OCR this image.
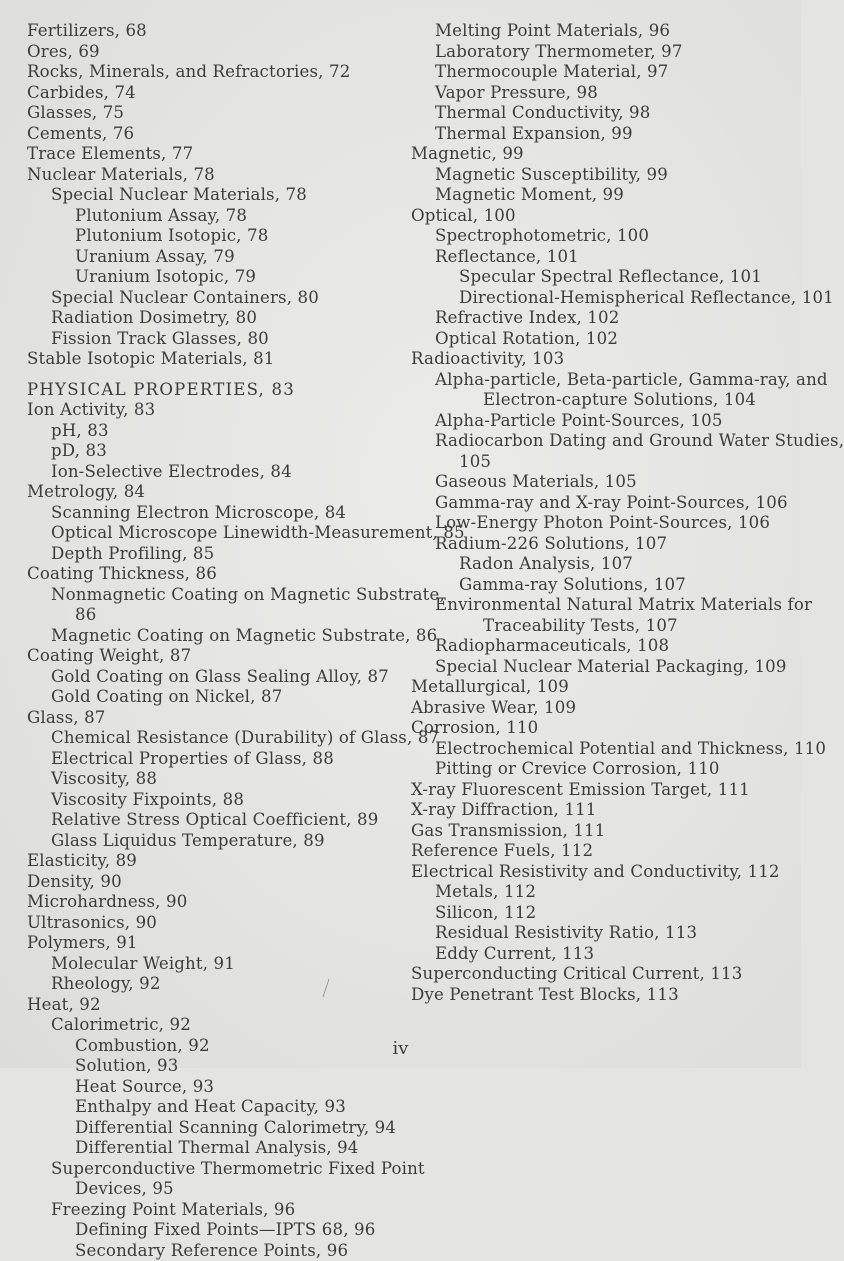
Fertilizers, 68
Ores, 69
Rocks, Minerals, and Refractories, 72
Carbides, 74
Glasses, 75
Cements, 76
Trace Elements, 77
Nuclear Materials, 78
Special Nuclear Materials, 78
Plutonium Assay, 78
Plutonium Isotopic, 78
Uranium Assay, 79
Uranium Isotopic, 79
Special Nuclear Containers, 80
Radiation Dosimetry, 80
Fission Track Glasses, 80
Stable Isotopic Materials, 81
PHYSICAL PROPERTIES, 83
Ion Activity, 83
pH, 83
pD, 83
Ion-Selective Electrodes, 84
Metrology, 84
Scanning Electron Microscope, 84
Optical Microscope Linewidth-Measurement, 85
Depth Profiling, 85
Coating Thickness, 86
Nonmagnetic Coating on Magnetic Substrate,
86
Magnetic Coating on Magnetic Substrate, 86
Coating Weight, 87
Gold Coating on Glass Sealing Alloy, 87
Gold Coating on Nickel, 87
Glass, 87
Chemical Resistance (Durability) of Glass, 87
Electrical Properties of Glass, 88
Viscosity, 88
Viscosity Fixpoints, 88
Relative Stress Optical Coefficient, 89
Glass Liquidus Temperature, 89
Elasticity, 89
Density, 90
Microhardness, 90
Ultrasonics, 90
Polymers, 91
Molecular Weight, 91
Rheology, 92
Heat, 92
Calorimetric, 92
Combustion, 92
Solution, 93
Heat Source, 93
Enthalpy and Heat Capacity, 93
Differential Scanning Calorimetry, 94
Differential Thermal Analysis, 94
Superconductive Thermometric Fixed Point
Devices, 95
Freezing Point Materials, 96
Defining Fixed Points—IPTS 68, 96
Secondary Reference Points, 96
Melting Point Materials, 96
Laboratory Thermometer, 97
Thermocouple Material, 97
Vapor Pressure, 98
Thermal Conductivity, 98
Thermal Expansion, 99
Magnetic, 99
Magnetic Susceptibility, 99
Magnetic Moment, 99
Optical, 100
Spectrophotometric, 100
Reflectance, 101
Specular Spectral Reflectance, 101
Directional-Hemispherical Reflectance, 101
Refractive Index, 102
Optical Rotation, 102
Radioactivity, 103
Alpha-particle, Beta-particle, Gamma-ray, and
Electron-capture Solutions, 104
Alpha-Particle Point-Sources, 105
Radiocarbon Dating and Ground Water Studies,
105
Gaseous Materials, 105
Gamma-ray and X-ray Point-Sources, 106
Low-Energy Photon Point-Sources, 106
Radium-226 Solutions, 107
Radon Analysis, 107
Gamma-ray Solutions, 107
Environmental Natural Matrix Materials for
Traceability Tests, 107
Radiopharmaceuticals, 108
Special Nuclear Material Packaging, 109
Metallurgical, 109
Abrasive Wear, 109
Corrosion, 110
Electrochemical Potential and Thickness, 110
Pitting or Crevice Corrosion, 110
X-ray Fluorescent Emission Target, 111
X-ray Diffraction, 111
Gas Transmission, 111
Reference Fuels, 112
Electrical Resistivity and Conductivity, 112
Metals, 112
Silicon, 112
Residual Resistivity Ratio, 113
Eddy Current, 113
Superconducting Critical Current, 113
Dye Penetrant Test Blocks, 113
iv
